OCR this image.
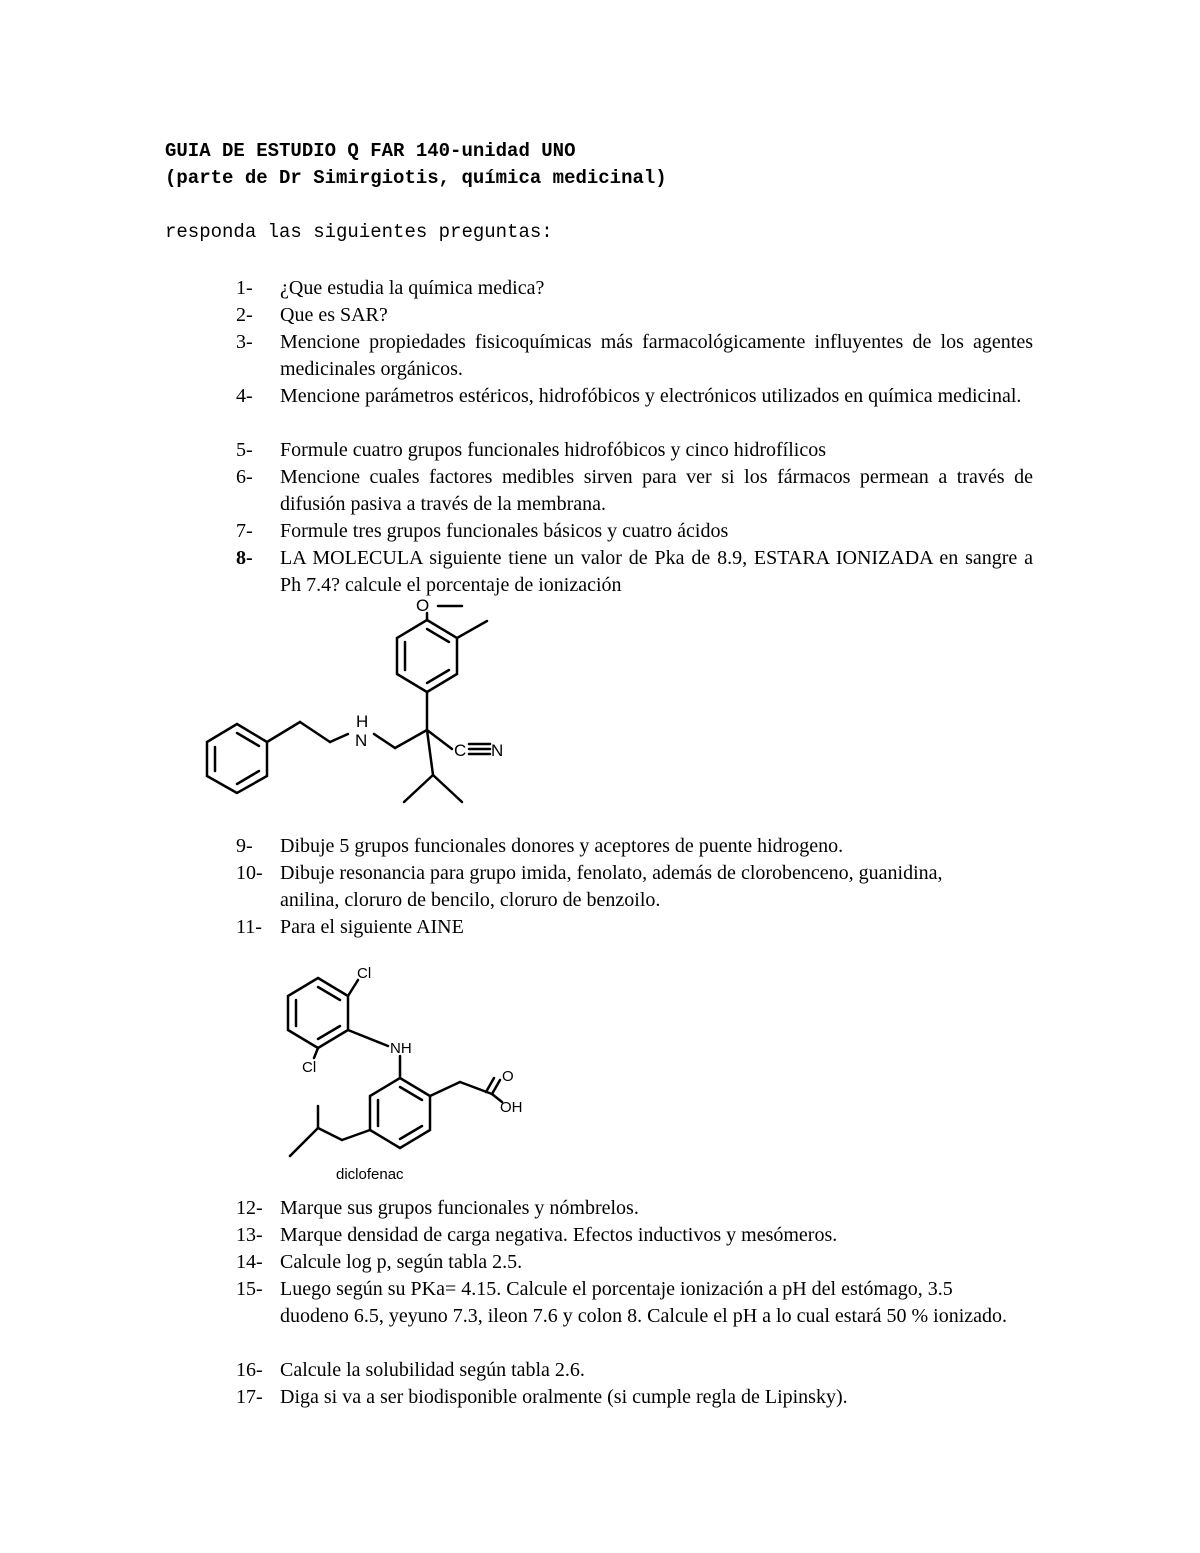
GUIA DE ESTUDIO Q FAR 140-unidad UNO
(parte de Dr Simirgiotis, química medicinal)
responda las siguientes preguntas:
1-	¿Que estudia la química medica?
2-	Que es SAR?
3-	Mencione propiedades fisicoquímicas más farmacológicamente influyentes de los agentes medicinales orgánicos.
4-	Mencione parámetros estéricos, hidrofóbicos y electrónicos utilizados en química medicinal.
5-	Formule cuatro grupos funcionales hidrofóbicos y cinco hidrofílicos
6-	Mencione cuales factores medibles sirven para ver si los fármacos permean a través de difusión pasiva a través de la membrana.
7-	Formule tres grupos funcionales básicos y cuatro ácidos
8-	LA MOLECULA siguiente tiene un valor de Pka de 8.9, ESTARA IONIZADA en sangre a Ph 7.4? calcule el porcentaje de ionización
O
H
N
C N
9-	Dibuje 5 grupos funcionales donores y aceptores de puente hidrogeno.
10- Dibuje resonancia para grupo imida, fenolato, además de clorobenceno, guanidina, anilina, cloruro de bencilo, cloruro de benzoilo.
11- Para el siguiente AINE
Cl
Cl
NH
O
OH
diclofenac
12- Marque sus grupos funcionales y nómbrelos.
13- Marque densidad de carga negativa. Efectos inductivos y mesómeros.
14- Calcule log p, según tabla 2.5.
15- Luego según su PKa= 4.15. Calcule el porcentaje ionización a pH del estómago, 3.5 duodeno 6.5, yeyuno 7.3, ileon 7.6 y colon 8. Calcule el pH a lo cual estará 50 % ionizado.
16- Calcule la solubilidad según tabla 2.6.
17- Diga si va a ser biodisponible oralmente (si cumple regla de Lipinsky).
